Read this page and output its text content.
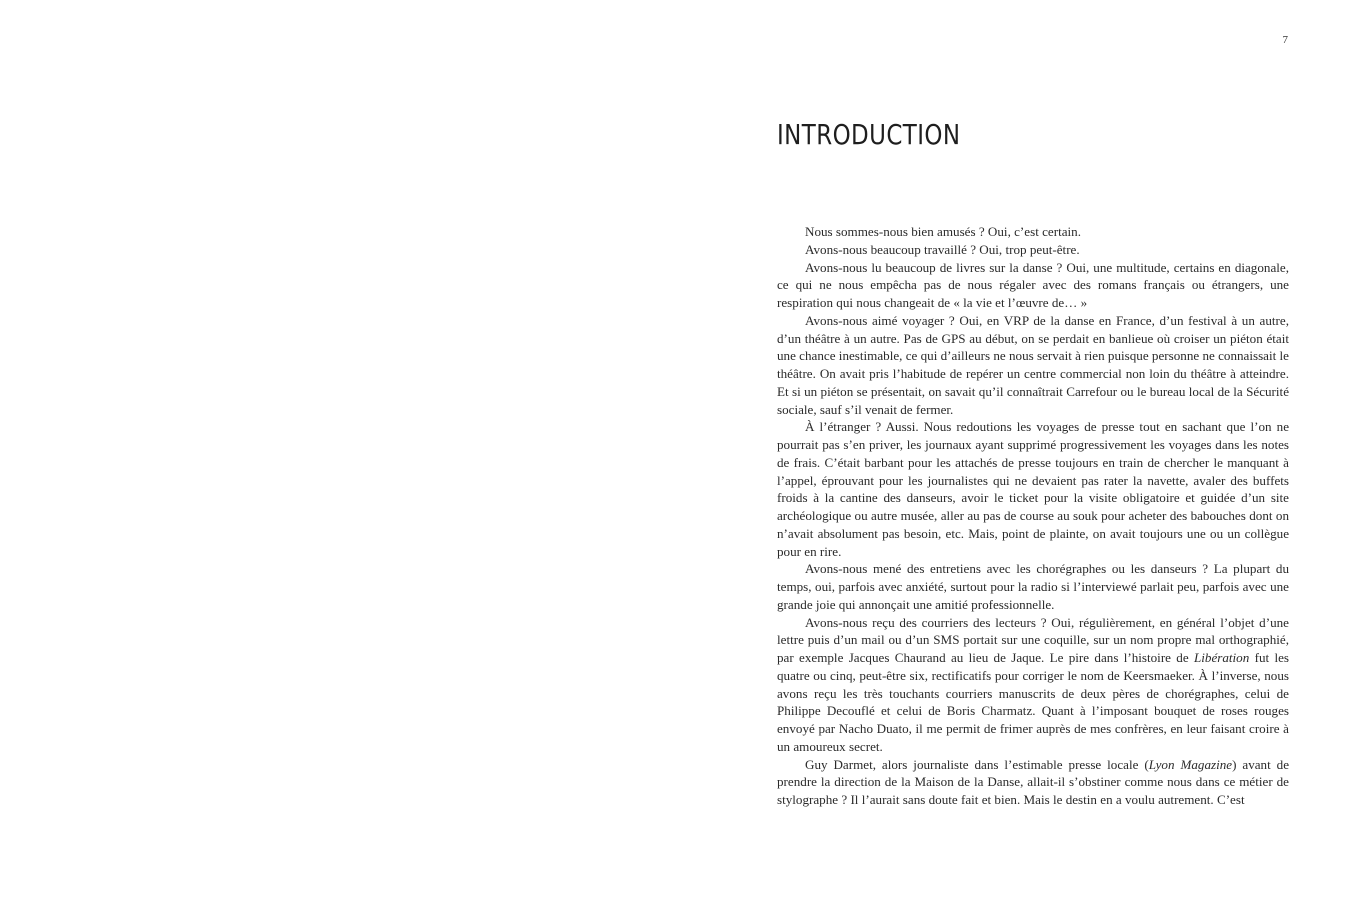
7
INTRODUCTION

Nous sommes-nous bien amusés ? Oui, c’est certain.

Avons-nous beaucoup travaillé ? Oui, trop peut-être.

Avons-nous lu beaucoup de livres sur la danse ? Oui, une multitude, certains en diagonale, ce qui ne nous empêcha pas de nous régaler avec des romans français ou étrangers, une respiration qui nous changeait de « la vie et l’œuvre de… »

Avons-nous aimé voyager ? Oui, en VRP de la danse en France, d’un festival à un autre, d’un théâtre à un autre. Pas de GPS au début, on se perdait en banlieue où croiser un piéton était une chance inestimable, ce qui d’ailleurs ne nous servait à rien puisque personne ne connaissait le théâtre. On avait pris l’habitude de repérer un centre commercial non loin du théâtre à atteindre. Et si un piéton se présentait, on savait qu’il connaîtrait Carrefour ou le bureau local de la Sécurité sociale, sauf s’il venait de fermer.

À l’étranger ? Aussi. Nous redoutions les voyages de presse tout en sachant que l’on ne pourrait pas s’en priver, les journaux ayant supprimé progressivement les voyages dans les notes de frais. C’était barbant pour les attachés de presse toujours en train de chercher le manquant à l’appel, éprouvant pour les journalistes qui ne devaient pas rater la navette, avaler des buffets froids à la cantine des danseurs, avoir le ticket pour la visite obligatoire et guidée d’un site archéologique ou autre musée, aller au pas de course au souk pour acheter des babouches dont on n’avait absolument pas besoin, etc. Mais, point de plainte, on avait toujours une ou un collègue pour en rire.

Avons-nous mené des entretiens avec les chorégraphes ou les danseurs ? La plupart du temps, oui, parfois avec anxiété, surtout pour la radio si l’interviewé parlait peu, parfois avec une grande joie qui annonçait une amitié professionnelle.

Avons-nous reçu des courriers des lecteurs ? Oui, régulièrement, en général l’objet d’une lettre puis d’un mail ou d’un SMS portait sur une coquille, sur un nom propre mal orthographié, par exemple Jacques Chaurand au lieu de Jaque. Le pire dans l’histoire de Libération fut les quatre ou cinq, peut-être six, rectificatifs pour corriger le nom de Keersmaeker. À l’inverse, nous avons reçu les très touchants courriers manuscrits de deux pères de chorégraphes, celui de Philippe Decouflé et celui de Boris Charmatz. Quant à l’imposant bouquet de roses rouges envoyé par Nacho Duato, il me permit de frimer auprès de mes confrères, en leur faisant croire à un amoureux secret.

Guy Darmet, alors journaliste dans l’estimable presse locale (Lyon Magazine) avant de prendre la direction de la Maison de la Danse, allait-il s’obstiner comme nous dans ce métier de stylographe ? Il l’aurait sans doute fait et bien. Mais le destin en a voulu autrement. C’est
